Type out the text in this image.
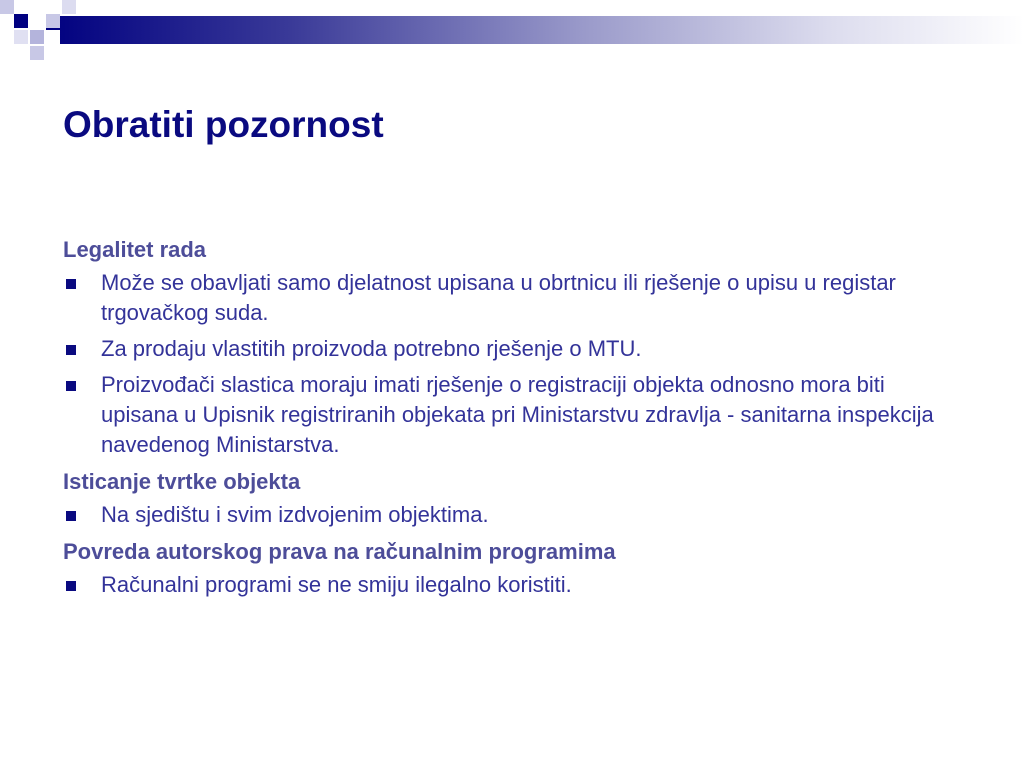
Obratiti pozornost
Legalitet rada
Može se obavljati samo djelatnost upisana u obrtnicu ili rješenje o upisu u registar trgovačkog suda.
Za prodaju vlastitih proizvoda potrebno rješenje o MTU.
Proizvođači slastica moraju imati rješenje o registraciji objekta odnosno mora biti upisana u Upisnik registriranih objekata pri Ministarstvu zdravlja - sanitarna inspekcija navedenog Ministarstva.
Isticanje tvrtke objekta
Na sjedištu i svim izdvojenim objektima.
Povreda autorskog prava na računalnim programima
Računalni programi se ne smiju ilegalno koristiti.
